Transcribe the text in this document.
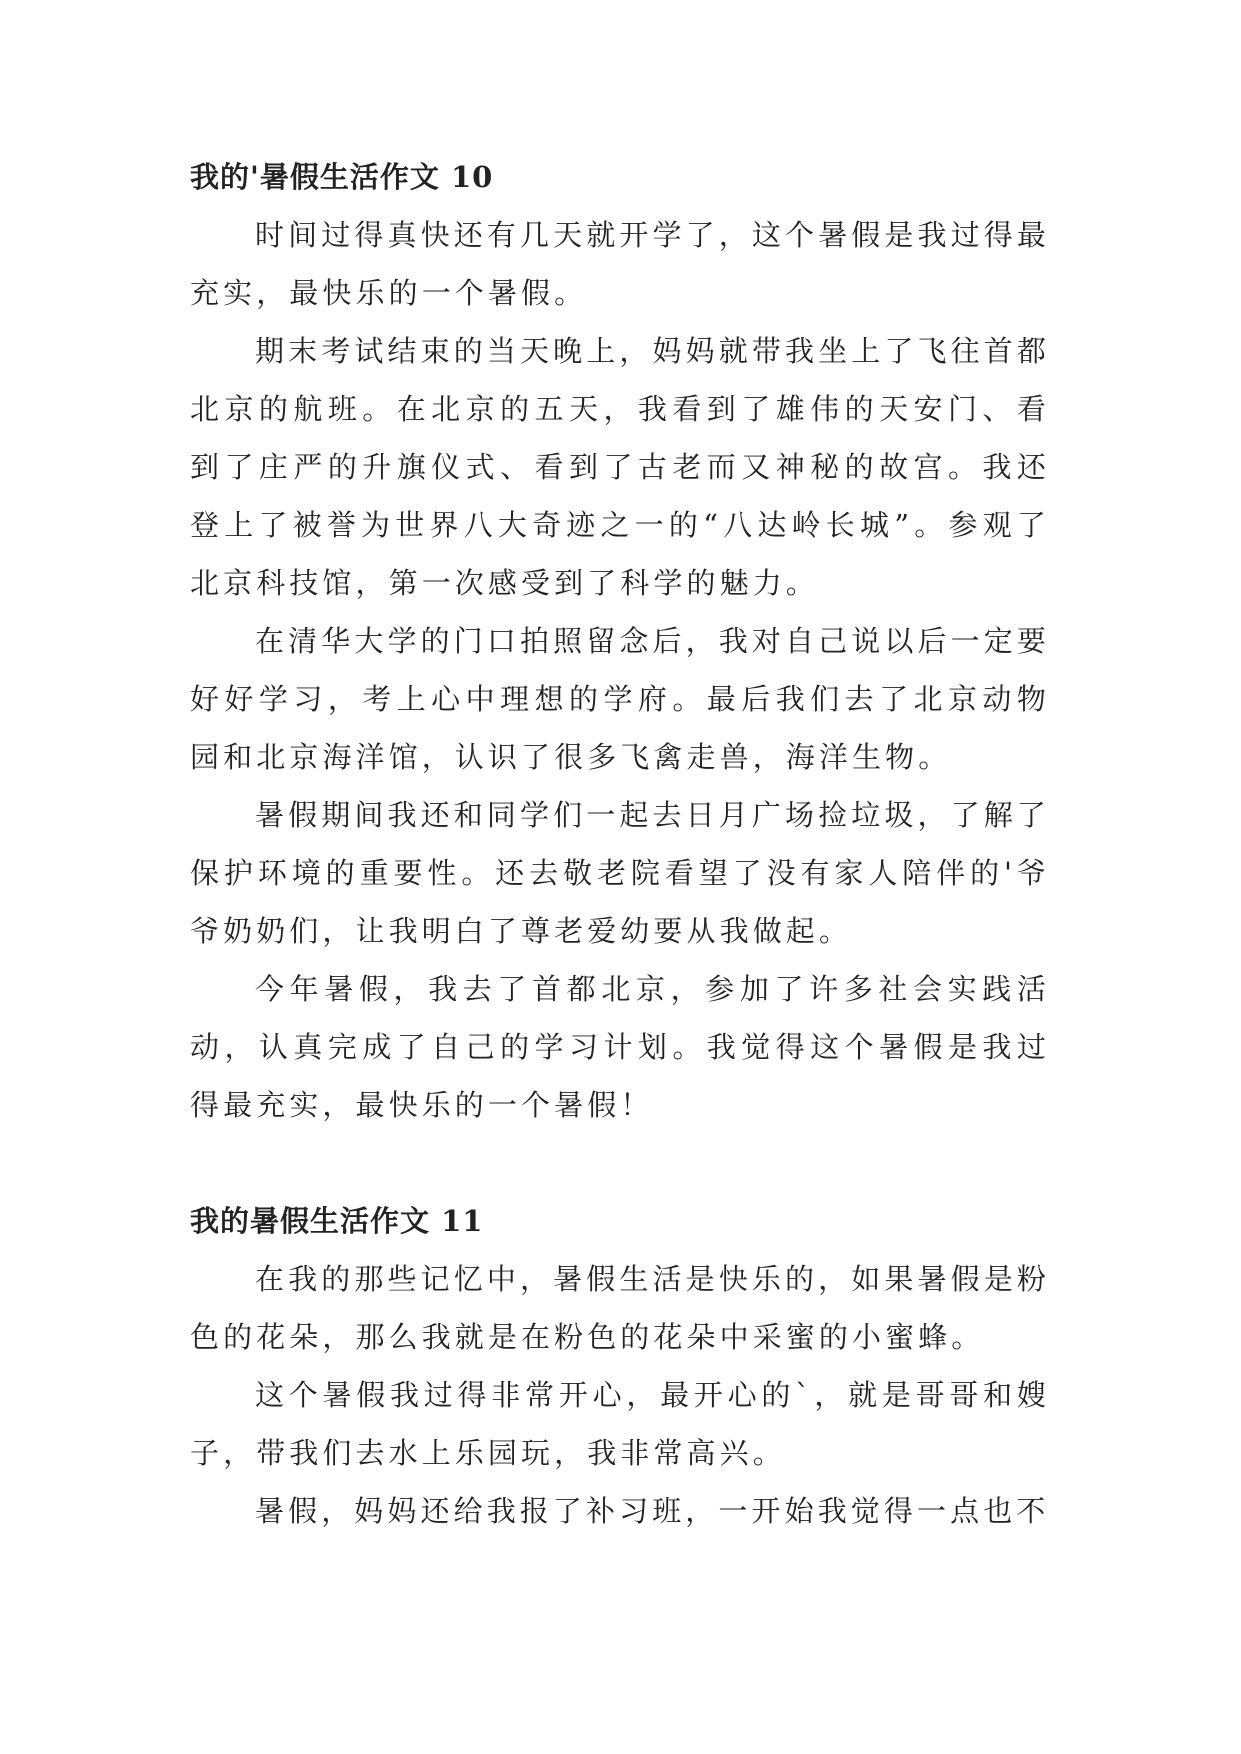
我的'暑假生活作文 10

时间过得真快还有几天就开学了，这个暑假是我过得最充实，最快乐的一个暑假。

期末考试结束的当天晚上，妈妈就带我坐上了飞往首都北京的航班。在北京的五天，我看到了雄伟的天安门、看到了庄严的升旗仪式、看到了古老而又神秘的故宫。我还登上了被誉为世界八大奇迹之一的“八达岭长城”。参观了北京科技馆，第一次感受到了科学的魅力。

在清华大学的门口拍照留念后，我对自己说以后一定要好好学习，考上心中理想的学府。最后我们去了北京动物园和北京海洋馆，认识了很多飞禽走兽，海洋生物。

暑假期间我还和同学们一起去日月广场捡垃圾，了解了保护环境的重要性。还去敬老院看望了没有家人陪伴的'爷爷奶奶们，让我明白了尊老爱幼要从我做起。

今年暑假，我去了首都北京，参加了许多社会实践活动，认真完成了自己的学习计划。我觉得这个暑假是我过得最充实，最快乐的一个暑假！

我的暑假生活作文 11

在我的那些记忆中，暑假生活是快乐的，如果暑假是粉色的花朵，那么我就是在粉色的花朵中采蜜的小蜜蜂。

这个暑假我过得非常开心，最开心的`，就是哥哥和嫂子，带我们去水上乐园玩，我非常高兴。

暑假，妈妈还给我报了补习班，一开始我觉得一点也不
